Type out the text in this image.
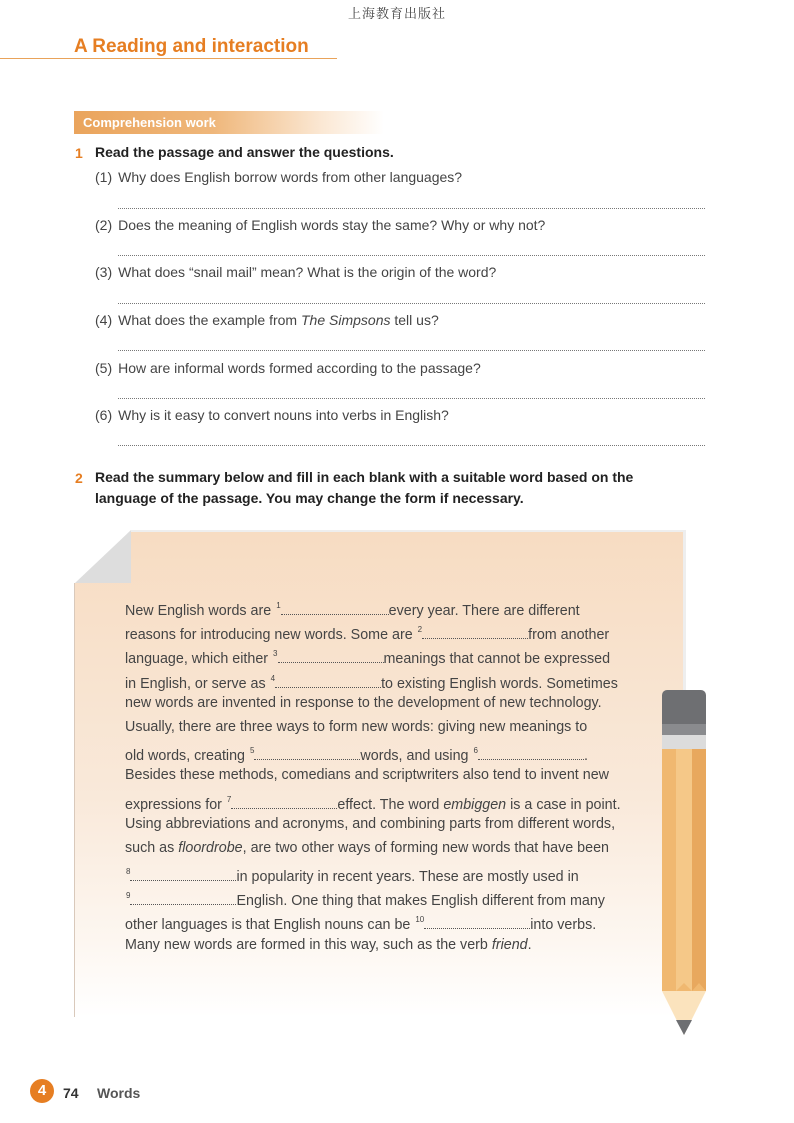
上海教育出版社
A Reading and interaction
Comprehension work
1 Read the passage and answer the questions.
(1) Why does English borrow words from other languages?
(2) Does the meaning of English words stay the same? Why or why not?
(3) What does “snail mail” mean? What is the origin of the word?
(4) What does the example from The Simpsons tell us?
(5) How are informal words formed according to the passage?
(6) Why is it easy to convert nouns into verbs in English?
2 Read the summary below and fill in each blank with a suitable word based on the
language of the passage. You may change the form if necessary.
New English words are $^1$	every year. There are different
reasons for introducing new words. Some are $^2$	from another
language, which either $^3$	meanings that cannot be expressed
in English, or serve as $^4$	to existing English words. Sometimes
new words are invented in response to the development of new technology.
Usually, there are three ways to form new words: giving new meanings to
old words, creating $^5$	words, and using $^6$	.
Besides these methods, comedians and scriptwriters also tend to invent new
expressions for $^7$	effect. The word embiggen is a case in point.
Using abbreviations and acronyms, and combining parts from different words,
such as floordrobe, are two other ways of forming new words that have been
$^8$	in popularity in recent years. These are mostly used in
$^9$	English. One thing that makes English different from many
other languages is that English nouns can be $^{10}$	into verbs.
Many new words are formed in this way, such as the verb friend.
4	74 Words
